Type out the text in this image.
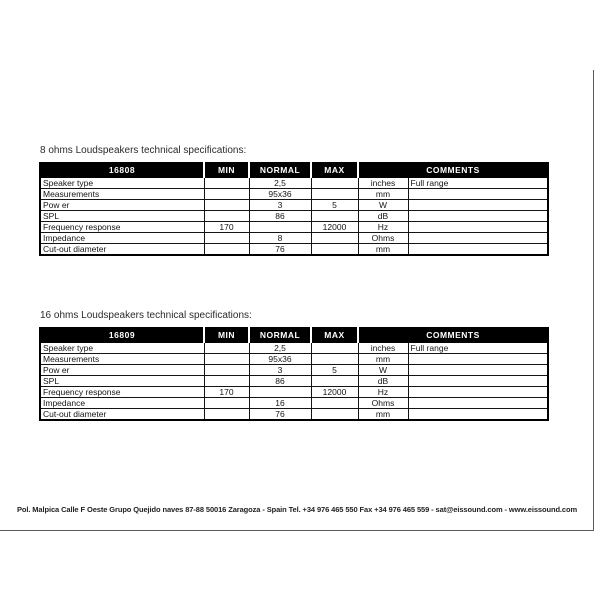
8 ohms Loudspeakers technical specifications:
16808	MIN	NORMAL	MAX	COMMENTS	
Speaker type		2,5		inches	Full range
Measurements		95x36		mm	
Pow er		3	5	W	
SPL		86		dB	
Frequency response	170		12000	Hz	
Impedance		8		Ohms	
Cut-out diameter		76		mm	
16 ohms Loudspeakers technical specifications:
16809	MIN	NORMAL	MAX	COMMENTS	
Speaker type		2,5		inches	Full range
Measurements		95x36		mm	
Pow er		3	5	W	
SPL		86		dB	
Frequency response	170		12000	Hz	
Impedance		16		Ohms	
Cut-out diameter		76		mm	
Pol. Malpica Calle F Oeste Grupo Quejido naves 87-88 50016 Zaragoza - Spain Tel. +34 976 465 550 Fax +34 976 465 559 - sat@eissound.com - www.eissound.com
